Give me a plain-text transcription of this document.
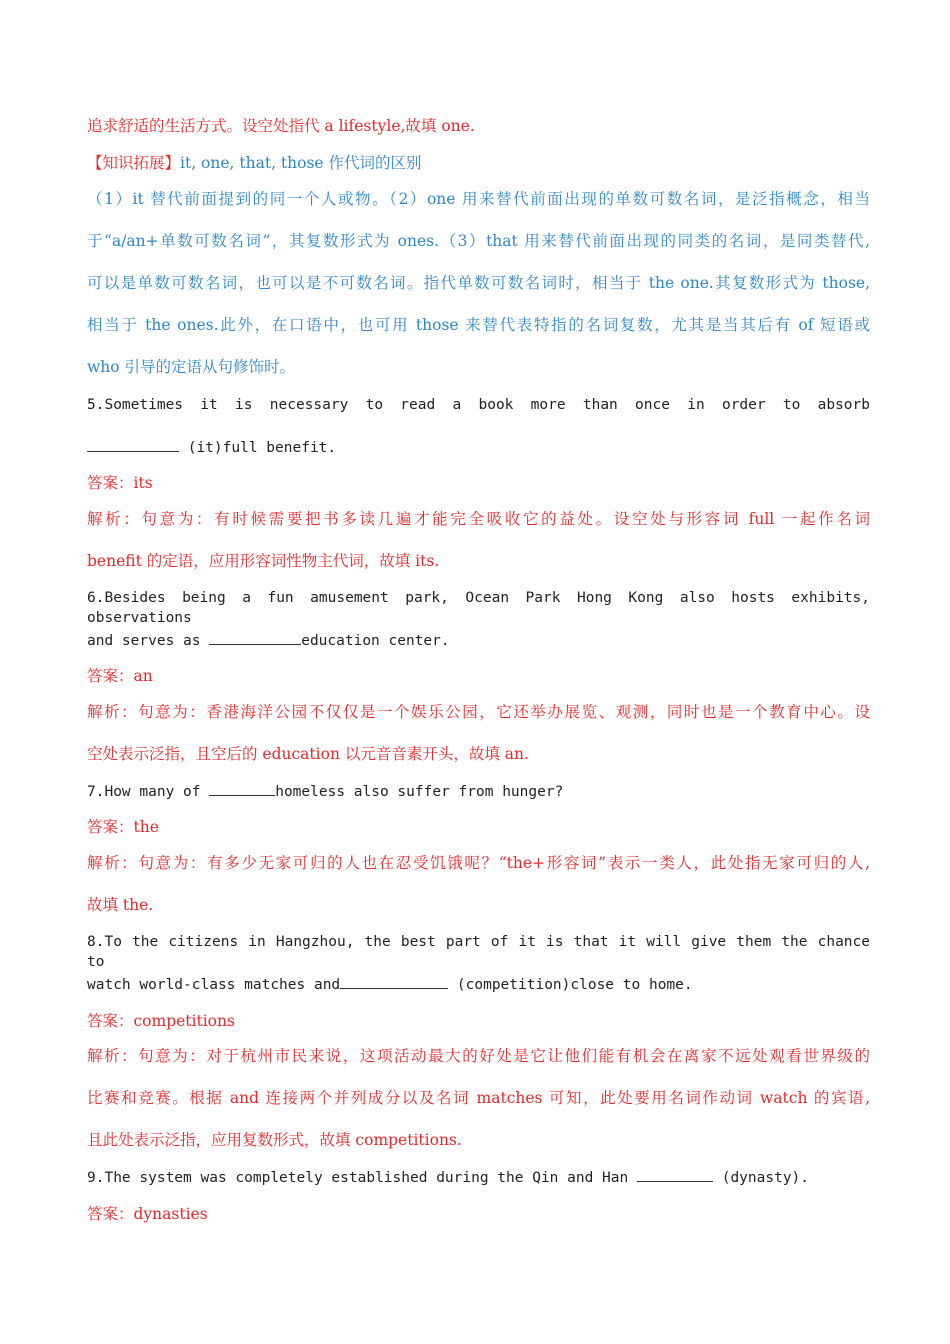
追求舒适的生活方式。设空处指代 a lifestyle,故填 one.
【知识拓展】it, one, that, those 作代词的区别
（1）it 替代前面提到的同一个人或物。（2）one 用来替代前面出现的单数可数名词，是泛指概念，相当
于“a/an+单数可数名词”，其复数形式为 ones.（3）that 用来替代前面出现的同类的名词，是同类替代,
可以是单数可数名词，也可以是不可数名词。指代单数可数名词时，相当于 the one.其复数形式为 those,
相当于 the ones.此外，在口语中，也可用 those 来替代表特指的名词复数，尤其是当其后有 of 短语或
who 引导的定语从句修饰时。
5.Sometimes it is necessary to read a book more than once in order to absorb
(it)full benefit.
答案：its
解析：句意为：有时候需要把书多读几遍才能完全吸收它的益处。设空处与形容词 full 一起作名词
benefit 的定语，应用形容词性物主代词，故填 its.
6.Besides being a fun amusement park, Ocean Park Hong Kong also hosts exhibits, observations
and serves as	education center.
答案：an
解析：句意为：香港海洋公园不仅仅是一个娱乐公园，它还举办展览、观测，同时也是一个教育中心。设
空处表示泛指，且空后的 education 以元音音素开头，故填 an.
7.How many of	homeless also suffer from hunger?
答案：the
解析：句意为：有多少无家可归的人也在忍受饥饿呢？“the+形容词”表示一类人，此处指无家可归的人,
故填 the.
8.To the citizens in Hangzhou, the best part of it is that it will give them the chance to
watch world-class matches and	(competition)close to home.
答案：competitions
解析：句意为：对于杭州市民来说，这项活动最大的好处是它让他们能有机会在离家不远处观看世界级的
比赛和竞赛。根据 and 连接两个并列成分以及名词 matches 可知，此处要用名词作动词 watch 的宾语,
且此处表示泛指，应用复数形式，故填 competitions.
9.The system was completely established during the Qin and Han	(dynasty).
答案：dynasties
